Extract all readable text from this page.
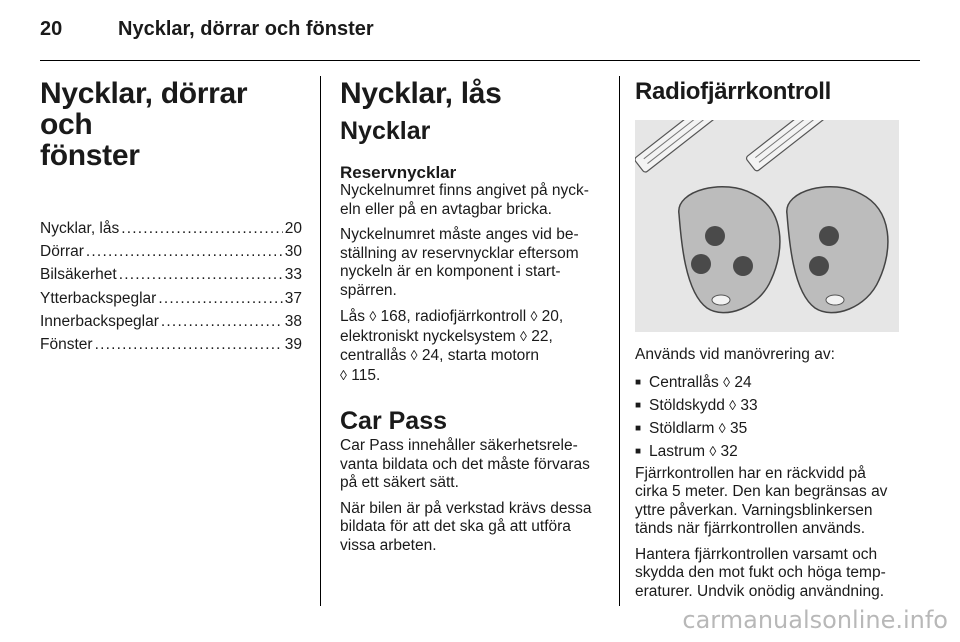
20	Nycklar, dörrar och fönster
Nycklar, dörrar och
fönster
Nycklar, lås .....	20
Dörrar .....	30
Bilsäkerhet .....	33
Ytterbackspeglar .....	37
Innerbackspeglar .....	38
Fönster .....	39
Nycklar, lås
Nycklar
Reservnycklar

Nyckelnumret finns angivet på nyck-
eln eller på en avtagbar bricka.

Nyckelnumret måste anges vid be-
ställning av reservnycklar eftersom
nyckeln är en komponent i start-
spärren.

Lås ◊ 168, radiofjärrkontroll ◊ 20,
elektroniskt nyckelsystem ◊ 22,
centrallås ◊ 24, starta motorn
◊ 115.

Car Pass

Car Pass innehåller säkerhetsrele-
vanta bildata och det måste förvaras
på ett säkert sätt.

När bilen är på verkstad krävs dessa
bildata för att det ska gå att utföra
vissa arbeten.

Radiofjärrkontroll

Används vid manövrering av:

■ Centrallås ◊ 24
■ Stöldskydd ◊ 33
■ Stöldlarm ◊ 35
■ Lastrum ◊ 32

Fjärrkontrollen har en räckvidd på
cirka 5 meter. Den kan begränsas av
yttre påverkan. Varningsblinkersen
tänds när fjärrkontrollen används.

Hantera fjärrkontrollen varsamt och
skydda den mot fukt och höga temp-
eraturer. Undvik onödig användning.

carmanualsonline.info
